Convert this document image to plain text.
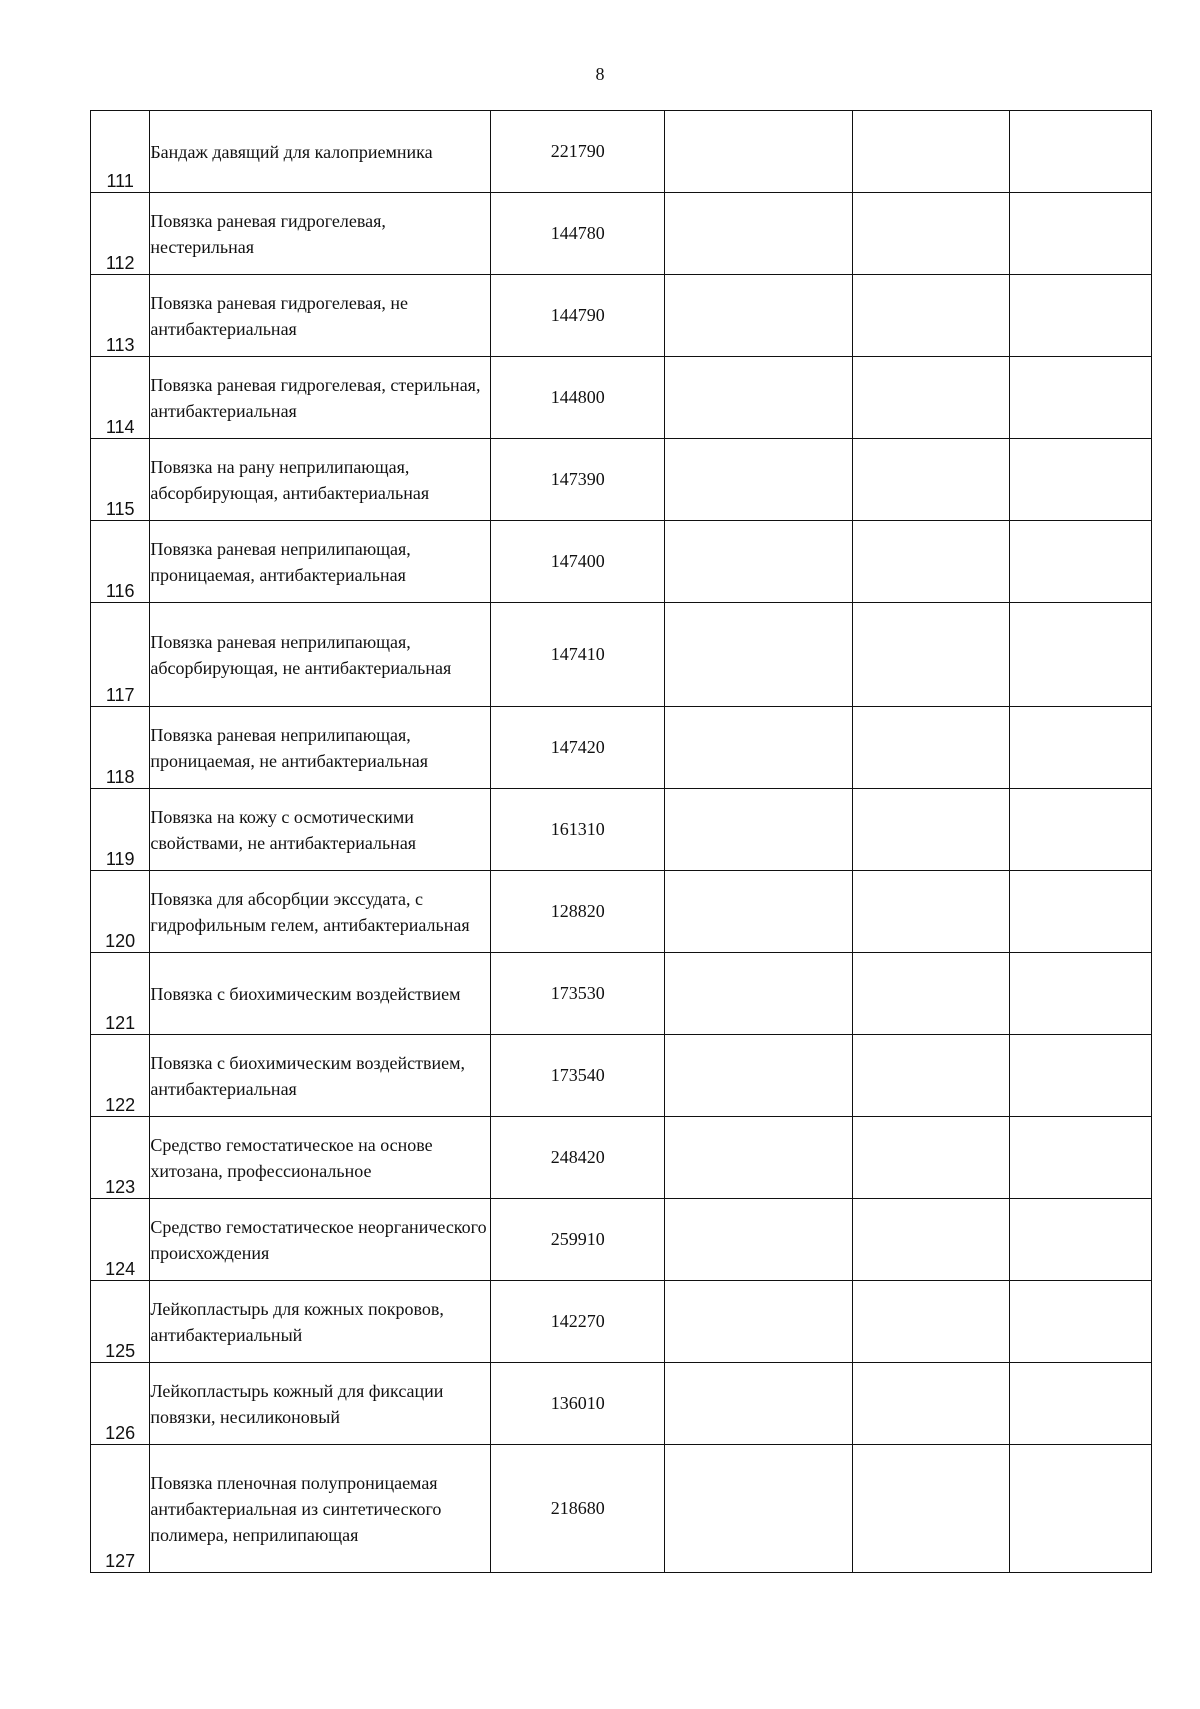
8
111	Бандаж давящий для калоприемника	221790			
112	Повязка раневая гидрогелевая, нестерильная	144780			
113	Повязка раневая гидрогелевая, не антибактериальная	144790			
114	Повязка раневая гидрогелевая, стерильная, антибактериальная	144800			
115	Повязка на рану неприлипающая, абсорбирующая, антибактериальная	147390			
116	Повязка раневая неприлипающая, проницаемая, антибактериальная	147400			
117	Повязка раневая неприлипающая, абсорбирующая, не антибактериальная	147410			
118	Повязка раневая неприлипающая, проницаемая, не антибактериальная	147420			
119	Повязка на кожу с осмотическими свойствами, не антибактериальная	161310			
120	Повязка для абсорбции экссудата, с гидрофильным гелем, антибактериальная	128820			
121	Повязка с биохимическим воздействием	173530			
122	Повязка с биохимическим воздействием, антибактериальная	173540			
123	Средство гемостатическое на основе хитозана, профессиональное	248420			
124	Средство гемостатическое неорганического происхождения	259910			
125	Лейкопластырь для кожных покровов, антибактериальный	142270			
126	Лейкопластырь кожный для фиксации повязки, несиликоновый	136010			
127	Повязка пленочная полупроницаемая антибактериальная из синтетического полимера, неприлипающая	218680			
